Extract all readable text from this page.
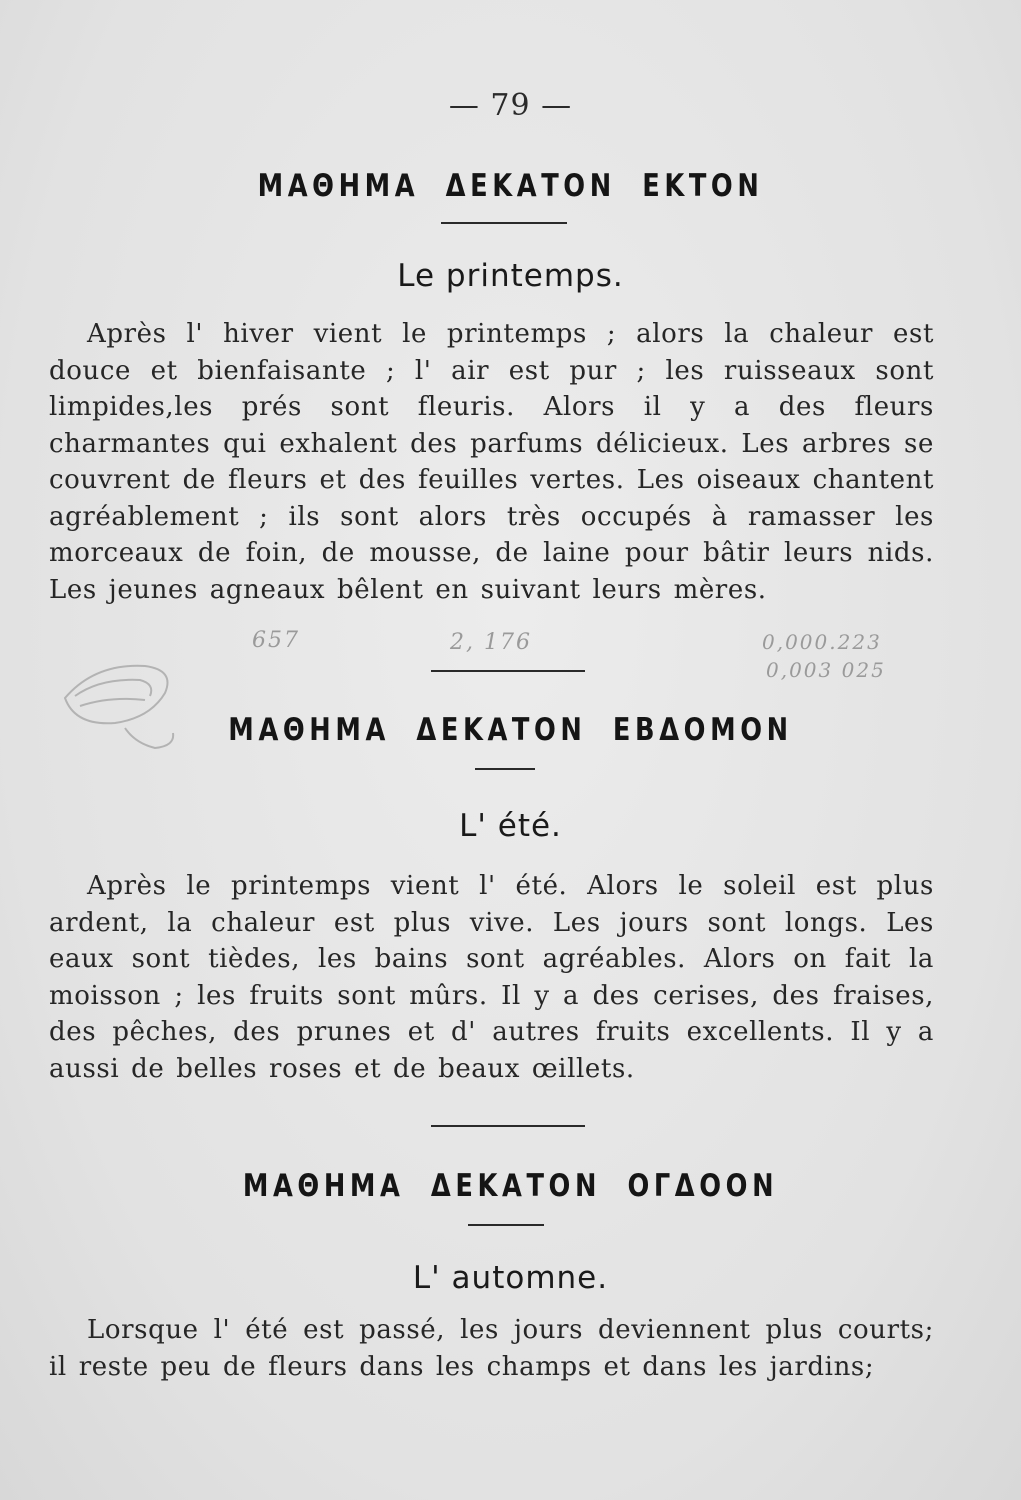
— 79 —
ΜΑΘΗΜΑ ΔΕΚΑΤΟΝ ΕΚΤΟΝ
Le printemps.
Après l' hiver vient le printemps ; alors la chaleur est douce et bienfaisante ; l' air est pur ; les ruisseaux sont limpides,les prés sont fleuris. Alors il y a des fleurs charmantes qui exhalent des parfums délicieux. Les arbres se couvrent de fleurs et des feuilles vertes. Les oiseaux chantent agréablement ; ils sont alors très occupés à ramasser les morceaux de foin, de mousse, de laine pour bâtir leurs nids. Les jeunes agneaux bêlent en suivant leurs mères.
657	2, 176	0,000.223
0,003 025
ΜΑΘΗΜΑ ΔΕΚΑΤΟΝ ΕΒΔΟΜΟΝ
L' été.
Après le printemps vient l' été. Alors le soleil est plus ardent, la chaleur est plus vive. Les jours sont longs. Les eaux sont tièdes, les bains sont agréables. Alors on fait la moisson ; les fruits sont mûrs. Il y a des cerises, des fraises, des pêches, des prunes et d' autres fruits excellents. Il y a aussi de belles roses et de beaux œillets.
ΜΑΘΗΜΑ ΔΕΚΑΤΟΝ ΟΓΔΟΟΝ
L' automne.
Lorsque l' été est passé, les jours deviennent plus courts; il reste peu de fleurs dans les champs et dans les jardins;
